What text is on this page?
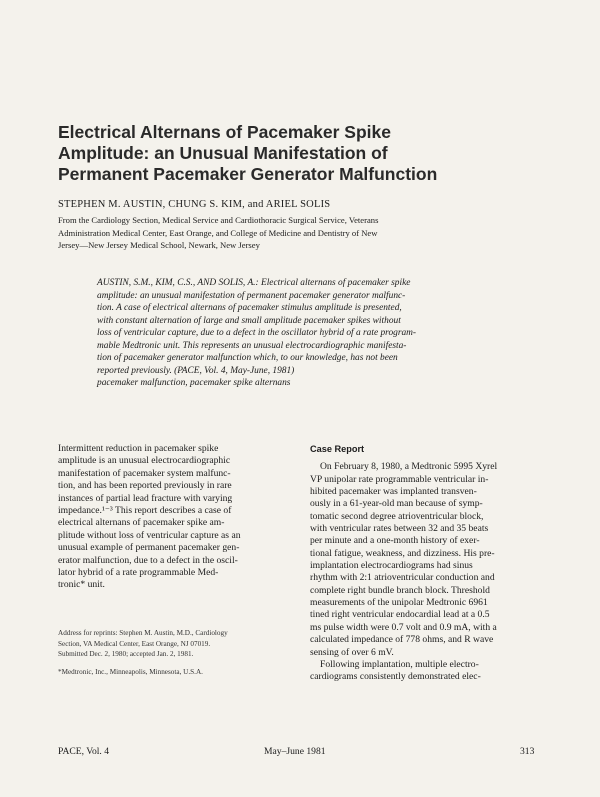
Electrical Alternans of Pacemaker Spike
Amplitude: an Unusual Manifestation of
Permanent Pacemaker Generator Malfunction
STEPHEN M. AUSTIN, CHUNG S. KIM, and ARIEL SOLIS
From the Cardiology Section, Medical Service and Cardiothoracic Surgical Service, Veterans
Administration Medical Center, East Orange, and College of Medicine and Dentistry of New
Jersey—New Jersey Medical School, Newark, New Jersey
AUSTIN, S.M., KIM, C.S., AND SOLIS, A.: Electrical alternans of pacemaker spike
amplitude: an unusual manifestation of permanent pacemaker generator malfunc-
tion. A case of electrical alternans of pacemaker stimulus amplitude is presented,
with constant alternation of large and small amplitude pacemaker spikes without
loss of ventricular capture, due to a defect in the oscillator hybrid of a rate program-
mable Medtronic unit. This represents an unusual electrocardiographic manifesta-
tion of pacemaker generator malfunction which, to our knowledge, has not been
reported previously. (PACE, Vol. 4, May-June, 1981)
pacemaker malfunction, pacemaker spike alternans
Intermittent reduction in pacemaker spike
amplitude is an unusual electrocardiographic
manifestation of pacemaker system malfunc-
tion, and has been reported previously in rare
instances of partial lead fracture with varying
impedance.¹⁻³ This report describes a case of
electrical alternans of pacemaker spike am-
plitude without loss of ventricular capture as an
unusual example of permanent pacemaker gen-
erator malfunction, due to a defect in the oscil-
lator hybrid of a rate programmable Med-
tronic* unit.
Case Report
On February 8, 1980, a Medtronic 5995 Xyrel
VP unipolar rate programmable ventricular in-
hibited pacemaker was implanted transven-
ously in a 61-year-old man because of symp-
tomatic second degree atrioventricular block,
with ventricular rates between 32 and 35 beats
per minute and a one-month history of exer-
tional fatigue, weakness, and dizziness. His pre-
implantation electrocardiograms had sinus
rhythm with 2:1 atrioventricular conduction and
complete right bundle branch block. Threshold
measurements of the unipolar Medtronic 6961
tined right ventricular endocardial lead at a 0.5
ms pulse width were 0.7 volt and 0.9 mA, with a
calculated impedance of 778 ohms, and R wave
sensing of over 6 mV.
Following implantation, multiple electro-
cardiograms consistently demonstrated elec-
Address for reprints: Stephen M. Austin, M.D., Cardiology
Section, VA Medical Center, East Orange, NJ 07019.
Submitted Dec. 2, 1980; accepted Jan. 2, 1981.
*Medtronic, Inc., Minneapolis, Minnesota, U.S.A.
PACE, Vol. 4	May–June 1981	313
